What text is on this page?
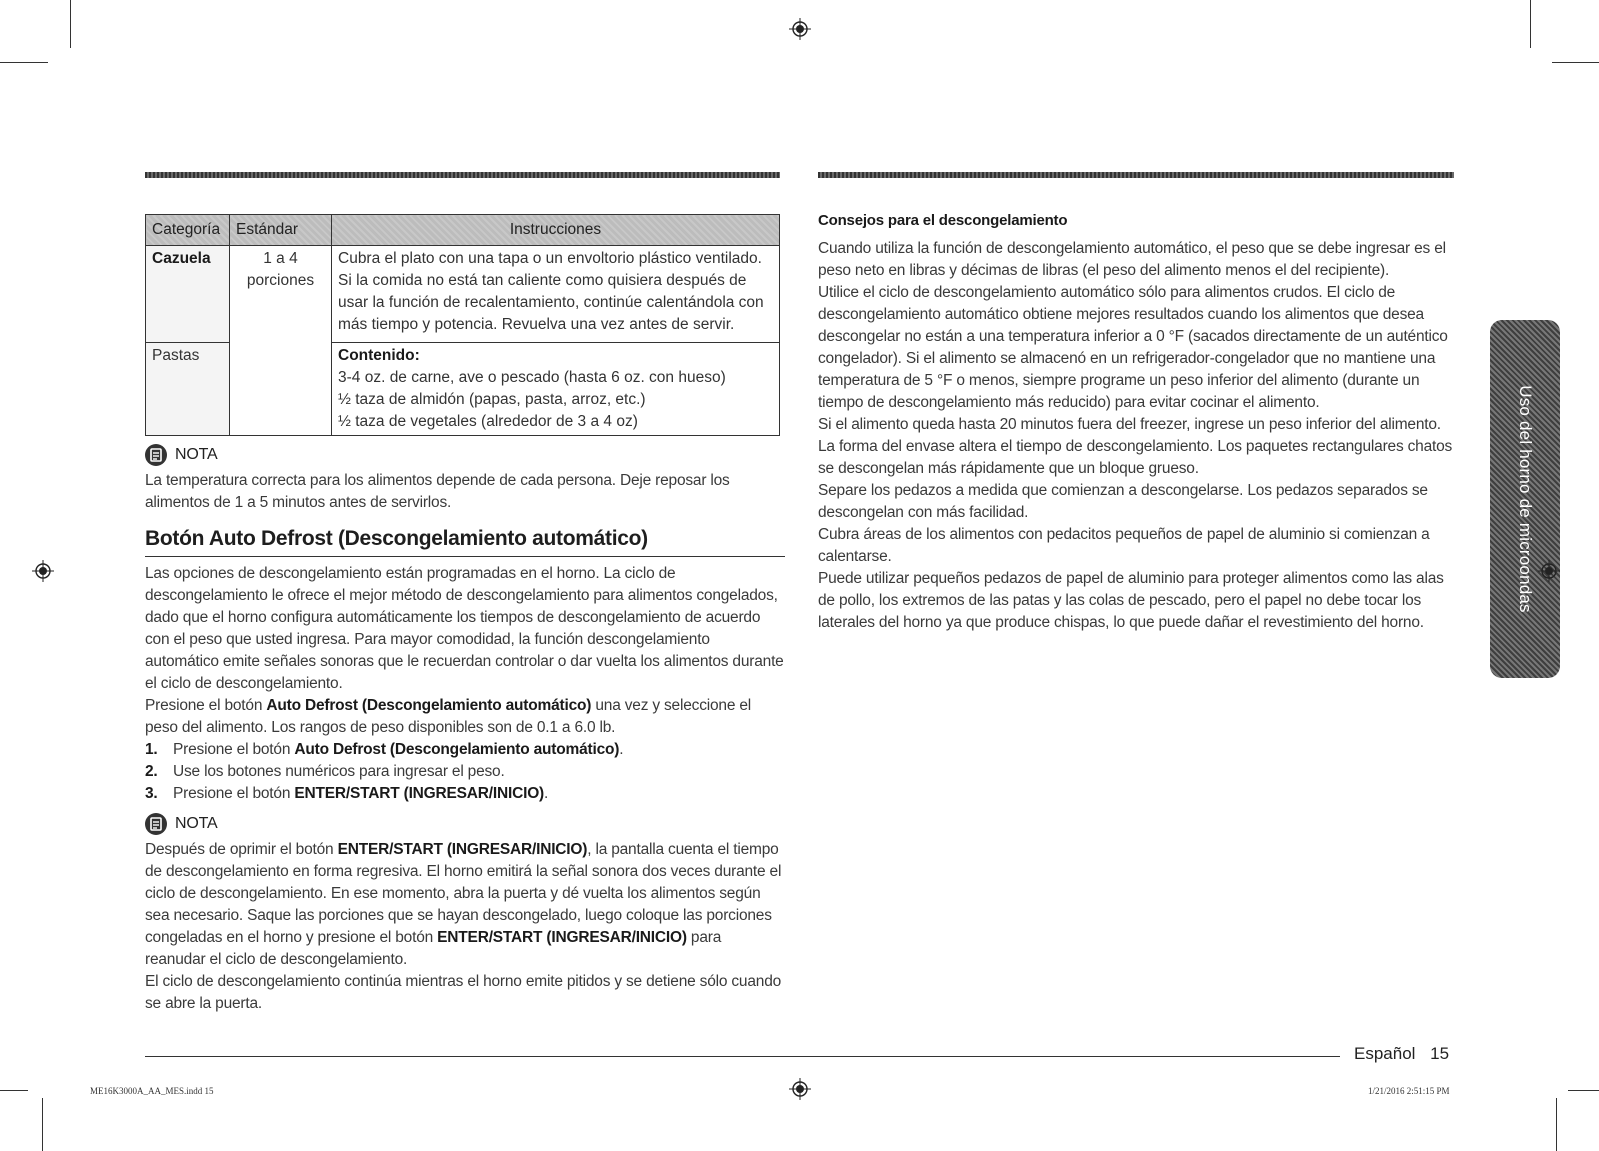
Categoría	Estándar	Instrucciones
Cazuela	1 a 4 porciones	Cubra el plato con una tapa o un envoltorio plástico ventilado. Si la comida no está tan caliente como quisiera después de usar la función de recalentamiento, continúe calentándola con más tiempo y potencia. Revuelva una vez antes de servir.
Pastas		Contenido:
3-4 oz. de carne, ave o pescado (hasta 6 oz. con hueso)
½ taza de almidón (papas, pasta, arroz, etc.)
½ taza de vegetales (alrededor de 3 a 4 oz)
NOTA

La temperatura correcta para los alimentos depende de cada persona. Deje reposar los alimentos de 1 a 5 minutos antes de servirlos.

Botón Auto Defrost (Descongelamiento automático)

Las opciones de descongelamiento están programadas en el horno. La ciclo de descongelamiento le ofrece el mejor método de descongelamiento para alimentos congelados, dado que el horno configura automáticamente los tiempos de descongelamiento de acuerdo con el peso que usted ingresa. Para mayor comodidad, la función descongelamiento automático emite señales sonoras que le recuerdan controlar o dar vuelta los alimentos durante el ciclo de descongelamiento.

Presione el botón Auto Defrost (Descongelamiento automático) una vez y seleccione el peso del alimento. Los rangos de peso disponibles son de 0.1 a 6.0 lb.

1. Presione el botón Auto Defrost (Descongelamiento automático).
2. Use los botones numéricos para ingresar el peso.
3. Presione el botón ENTER/START (INGRESAR/INICIO).
NOTA

Después de oprimir el botón ENTER/START (INGRESAR/INICIO), la pantalla cuenta el tiempo de descongelamiento en forma regresiva. El horno emitirá la señal sonora dos veces durante el ciclo de descongelamiento. En ese momento, abra la puerta y dé vuelta los alimentos según sea necesario. Saque las porciones que se hayan descongelado, luego coloque las porciones congeladas en el horno y presione el botón ENTER/START (INGRESAR/INICIO) para reanudar el ciclo de descongelamiento.

El ciclo de descongelamiento continúa mientras el horno emite pitidos y se detiene sólo cuando se abre la puerta.

Consejos para el descongelamiento

Cuando utiliza la función de descongelamiento automático, el peso que se debe ingresar es el peso neto en libras y décimas de libras (el peso del alimento menos el del recipiente).

Utilice el ciclo de descongelamiento automático sólo para alimentos crudos. El ciclo de descongelamiento automático obtiene mejores resultados cuando los alimentos que desea descongelar no están a una temperatura inferior a 0 °F (sacados directamente de un auténtico congelador). Si el alimento se almacenó en un refrigerador-congelador que no mantiene una temperatura de 5 °F o menos, siempre programe un peso inferior del alimento (durante un tiempo de descongelamiento más reducido) para evitar cocinar el alimento.

Si el alimento queda hasta 20 minutos fuera del freezer, ingrese un peso inferior del alimento.

La forma del envase altera el tiempo de descongelamiento. Los paquetes rectangulares chatos se descongelan más rápidamente que un bloque grueso.

Separe los pedazos a medida que comienzan a descongelarse. Los pedazos separados se descongelan con más facilidad.

Cubra áreas de los alimentos con pedacitos pequeños de papel de aluminio si comienzan a calentarse.

Puede utilizar pequeños pedazos de papel de aluminio para proteger alimentos como las alas de pollo, los extremos de las patas y las colas de pescado, pero el papel no debe tocar los laterales del horno ya que produce chispas, lo que puede dañar el revestimiento del horno.

Uso del horno de microondas
Español 15
ME16K3000A_AA_MES.indd 15	1/21/2016 2:51:15 PM
